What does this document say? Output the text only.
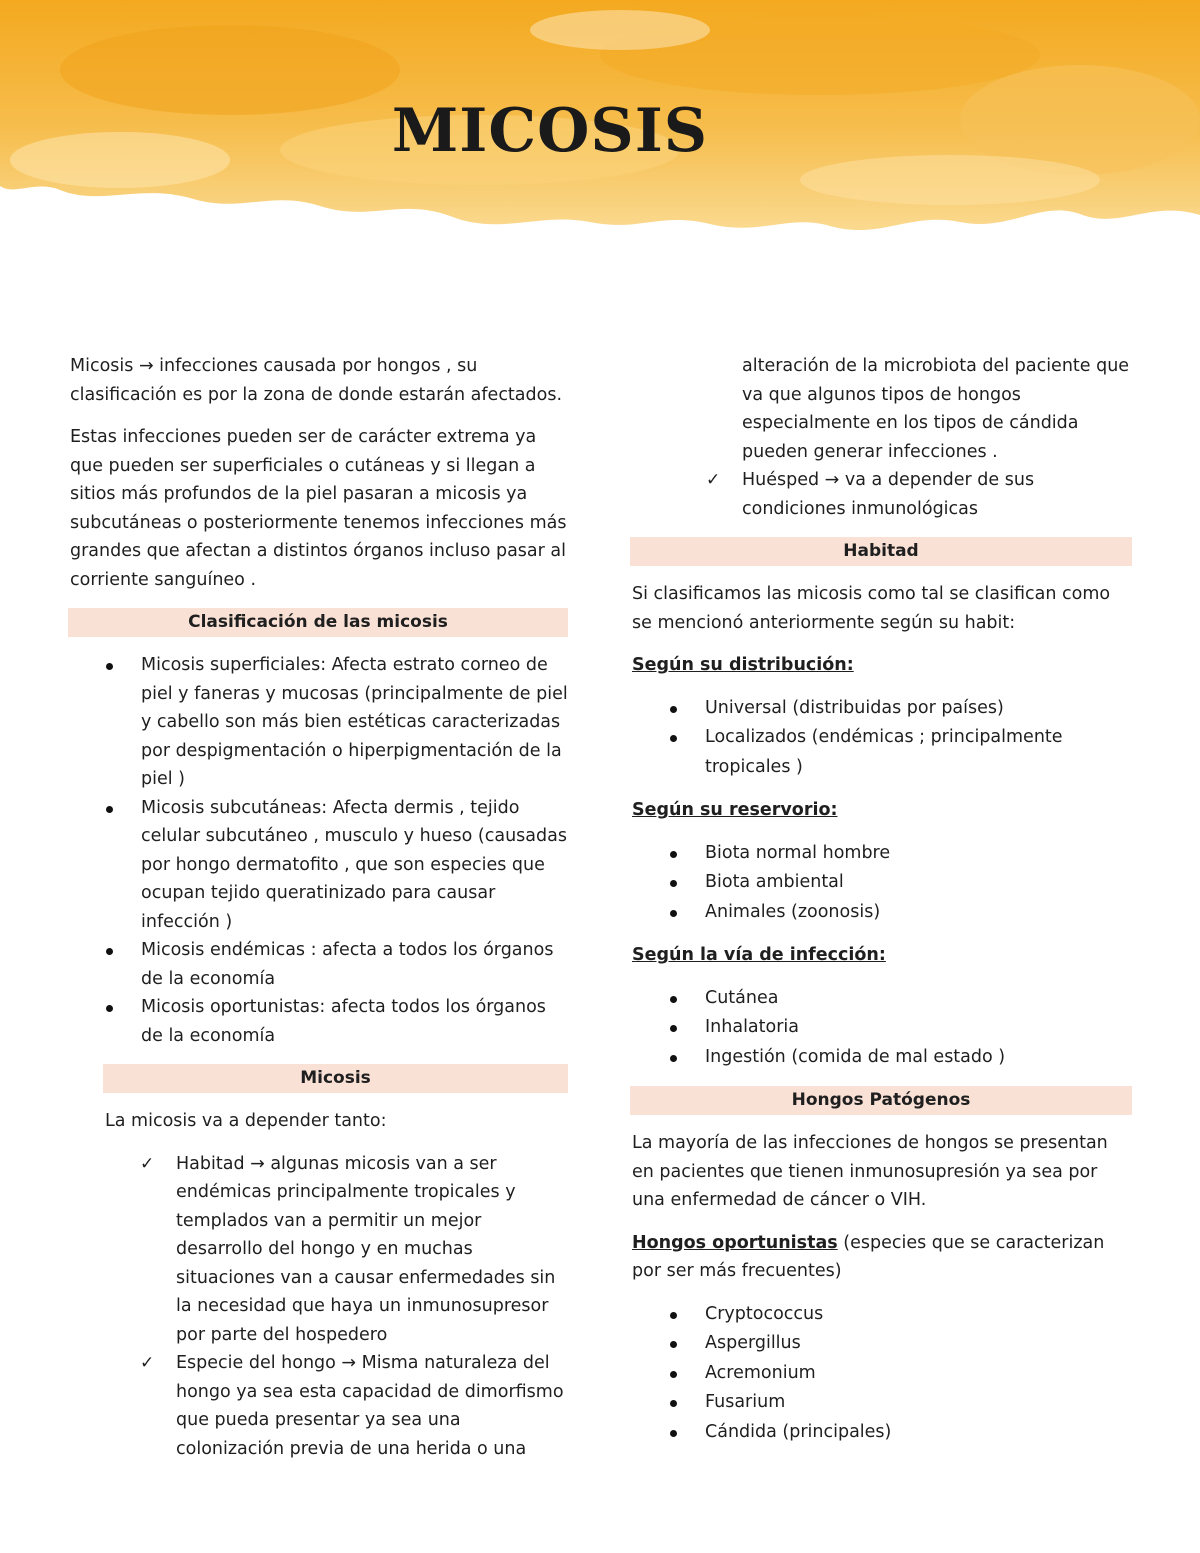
MICOSIS

Micosis → infecciones causada por hongos , su clasificación es por la zona de donde estarán afectados.

Estas infecciones pueden ser de carácter extrema ya que pueden ser superficiales o cutáneas y si llegan a sitios más profundos de la piel pasaran a micosis ya subcutáneas o posteriormente tenemos infecciones más grandes que afectan a distintos órganos incluso pasar al corriente sanguíneo .

Clasificación de las micosis
Micosis superficiales: Afecta estrato corneo de piel y faneras y mucosas (principalmente de piel y cabello son más bien estéticas caracterizadas por despigmentación o hiperpigmentación de la piel )
Micosis subcutáneas: Afecta dermis , tejido celular subcutáneo , musculo y hueso (causadas por hongo dermatofito , que son especies que ocupan tejido queratinizado para causar infección )
Micosis endémicas : afecta a todos los órganos de la economía
Micosis oportunistas: afecta todos los órganos de la economía
Micosis

La micosis va a depender tanto:

✓ Habitad → algunas micosis van a ser endémicas principalmente tropicales y templados van a permitir un mejor desarrollo del hongo y en muchas situaciones van a causar enfermedades sin la necesidad que haya un inmunosupresor por parte del hospedero
✓ Especie del hongo → Misma naturaleza del hongo ya sea esta capacidad de dimorfismo que pueda presentar ya sea una colonización previa de una herida o una

alteración de la microbiota del paciente que va que algunos tipos de hongos especialmente en los tipos de cándida pueden generar infecciones .

✓ Huésped → va a depender de sus condiciones inmunológicas
Habitad

Si clasificamos las micosis como tal se clasifican como se mencionó anteriormente según su habit:

Según su distribución:

Universal (distribuidas por países)
Localizados (endémicas ; principalmente tropicales )

Según su reservorio:

Biota normal hombre
Biota ambiental
Animales (zoonosis)

Según la vía de infección:

Cutánea
Inhalatoria
Ingestión (comida de mal estado )
Hongos Patógenos

La mayoría de las infecciones de hongos se presentan en pacientes que tienen inmunosupresión ya sea por una enfermedad de cáncer o VIH.

Hongos oportunistas (especies que se caracterizan por ser más frecuentes)

Cryptococcus
Aspergillus
Acremonium
Fusarium
Cándida (principales)
